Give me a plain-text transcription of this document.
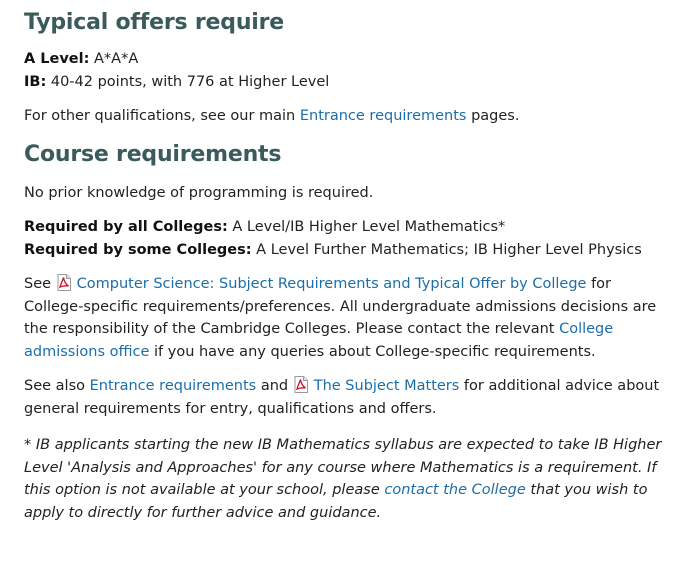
Typical offers require

A Level: A*A*A
IB: 40-42 points, with 776 at Higher Level

For other qualifications, see our main Entrance requirements pages.

Course requirements

No prior knowledge of programming is required.

Required by all Colleges: A Level/IB Higher Level Mathematics*
Required by some Colleges: A Level Further Mathematics; IB Higher Level Physics

See Computer Science: Subject Requirements and Typical Offer by College for College-specific requirements/preferences. All undergraduate admissions decisions are the responsibility of the Cambridge Colleges. Please contact the relevant College admissions office if you have any queries about College-specific requirements.

See also Entrance requirements and The Subject Matters for additional advice about general requirements for entry, qualifications and offers.

* IB applicants starting the new IB Mathematics syllabus are expected to take IB Higher Level 'Analysis and Approaches' for any course where Mathematics is a requirement. If this option is not available at your school, please contact the College that you wish to apply to directly for further advice and guidance.
